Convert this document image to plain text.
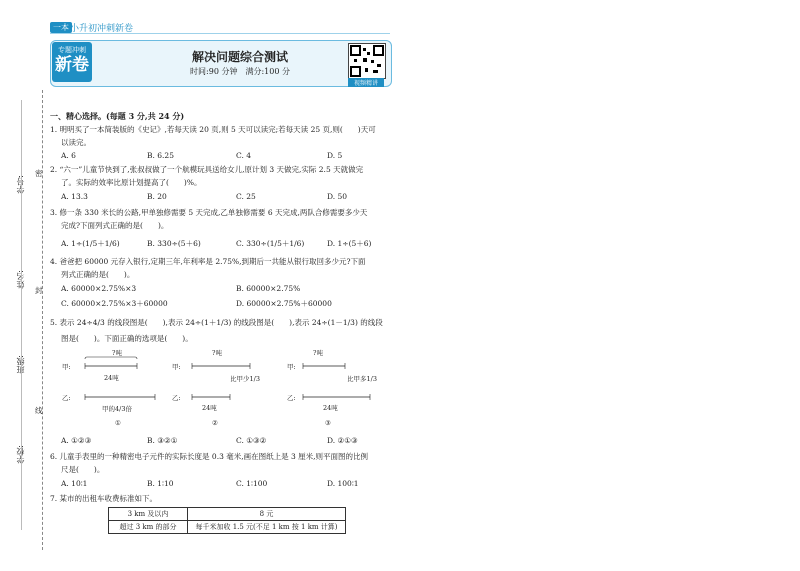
一本 小升初冲刺新卷
专题冲刺
新卷	解决问题综合测试
时间:90 分钟　满分:100 分
视频精讲
学号:
姓名:
班级:
学校:
密
封
线
一、精心选择。(每题 3 分,共 24 分)
1. 明明买了一本简装版的《史记》,若每天读 20 页,则 5 天可以读完;若每天读 25 页,则(　　)天可
以读完。
A. 6	B. 6.25	C. 4	D. 5
2. “六一”儿童节快到了,张叔叔做了一个航模玩具送给女儿,原计划 3 天做完,实际 2.5 天就做完
了。实际的效率比原计划提高了(　　)%。
A. 13.3	B. 20	C. 25	D. 50
3. 修一条 330 米长的公路,甲单独修需要 5 天完成,乙单独修需要 6 天完成,两队合修需要多少天
完成?下面列式正确的是(　　)。
A. 1÷(1/5＋1/6)	B. 330÷(5＋6)	C. 330÷(1/5＋1/6)	D. 1÷(5＋6)
4. 爸爸把 60000 元存入银行,定期三年,年利率是 2.75%,到期后一共能从银行取回多少元?下面
列式正确的是(　　)。
A. 60000×2.75%×3	B. 60000×2.75%
C. 60000×2.75%×3＋60000	D. 60000×2.75%＋60000
5. 表示 24÷4/3 的线段图是(　　),表示 24÷(1＋1/3) 的线段图是(　　),表示 24÷(1－1/3) 的线段
图是(　　)。下面正确的选项是(　　)。
?吨
甲:
24吨
乙:
甲的4/3倍
①
?吨
甲:
比甲少1/3
乙:
24吨
②
?吨
甲:
比甲多1/3
乙:
24吨
③
A. ①②③	B. ③②①	C. ①③②	D. ②①③
6. 儿童手表里的一种精密电子元件的实际长度是 0.3 毫米,画在图纸上是 3 厘米,则平面图的比例
尺是(　　)。
A. 10∶1	B. 1∶10	C. 1∶100	D. 100∶1
7. 某市的出租车收费标准如下。
3 km 及以内	8 元
超过 3 km 的部分	每千米加收 1.5 元(不足 1 km 按 1 km 计算)
